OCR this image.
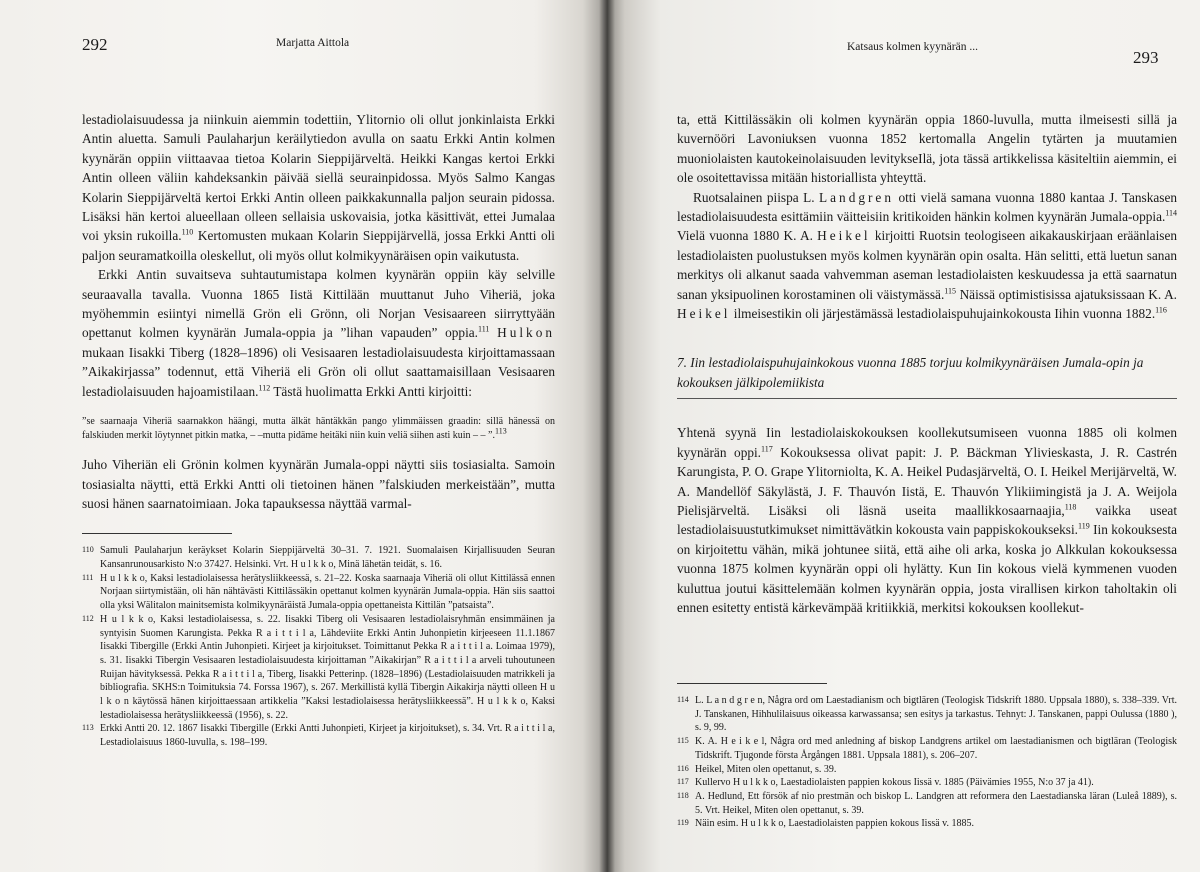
292	Marjatta Aittola

lestadiolaisuudessa ja niinkuin aiemmin todettiin, Ylitornio oli ollut jonkinlaista Erkki Antin aluetta. Samuli Paulaharjun keräilytiedon avulla on saatu Erkki Antin kolmen kyynärän oppiin viittaavaa tietoa Kolarin Sieppijärveltä. Heikki Kangas kertoi Erkki Antin olleen väliin kahdeksankin päivää siellä seurainpidossa. Myös Salmo Kangas Kolarin Sieppijärveltä kertoi Erkki Antin olleen paikkakunnalla paljon seurain pidossa. Lisäksi hän kertoi alueellaan olleen sellaisia uskovaisia, jotka käsittivät, ettei Jumalaa voi yksin rukoilla.$^{110}$ Kertomusten mukaan Kolarin Sieppijärvellä, jossa Erkki Antti oli paljon seuramatkoilla oleskellut, oli myös ollut kolmikyynäräisen opin vaikutusta.

Erkki Antin suvaitseva suhtautumistapa kolmen kyynärän oppiin käy selville seuraavalla tavalla. Vuonna 1865 Iistä Kittilään muuttanut Juho Viheriä, joka myöhemmin esiintyi nimellä Grön eli Grönn, oli Norjan Vesisaareen siirryttyään opettanut kolmen kyynärän Jumala-oppia ja ”lihan vapauden” oppia.$^{111}$ Hulkon mukaan Iisakki Tiberg (1828–1896) oli Vesisaaren lestadiolaisuudesta kirjoittamassaan ”Aikakirjassa” todennut, että Viheriä eli Grön oli ollut saattamaisillaan Vesisaaren lestadiolaisuuden hajoamistilaan.$^{112}$ Tästä huolimatta Erkki Antti kirjoitti:

”se saarnaaja Viheriä saarnakkon häängi, mutta älkät häntäkkän pango ylimmäissen graadin: sillä hänessä on falskiuden merkit löytynnet pitkin matka, – –mutta pidäme heitäki niin kuin veliä siihen asti kuin – – ”.$^{113}$

Juho Viheriän eli Grönin kolmen kyynärän Jumala-oppi näytti siis tosiasialta. Samoin tosiasialta näytti, että Erkki Antti oli tietoinen hänen ”falskiuden merkeistään”, mutta suosi hänen saarnatoimiaan. Joka tapauksessa näyttää varmal-

110 Samuli Paulaharjun keräykset Kolarin Sieppijärveltä 30–31. 7. 1921. Suomalaisen Kirjallisuuden Seuran Kansanrunousarkisto N:o 37427. Helsinki. Vrt. H u l k k o, Minä lähetän teidät, s. 16.
111 H u l k k o, Kaksi lestadiolaisessa herätysliikkeessä, s. 21–22. Koska saarnaaja Viheriä oli ollut Kittilässä ennen Norjaan siirtymistään, oli hän nähtävästi Kittilässäkin opettanut kolmen kyynärän Jumala-oppia. Hän siis saattoi olla yksi Wälitalon mainitsemista kolmikyynäräistä Jumala-oppia opettaneista Kittilän ”patsaista”.
112 H u l k k o, Kaksi lestadiolaisessa, s. 22. Iisakki Tiberg oli Vesisaaren lestadiolaisryhmän ensimmäinen ja syntyisin Suomen Karungista. Pekka R a i t t i l a, Lähdeviite Erkki Antin Juhonpietin kirjeeseen 11.1.1867 Iisakki Tibergille (Erkki Antin Juhonpieti. Kirjeet ja kirjoitukset. Toimittanut Pekka R a i t t i l a. Loimaa 1979), s. 31. Iisakki Tibergin Vesisaaren lestadiolaisuudesta kirjoittaman ”Aikakirjan” R a i t t i l a arveli tuhoutuneen Ruijan hävityksessä. Pekka R a i t t i l a, Tiberg, Iisakki Petterinp. (1828–1896) (Lestadiolaisuuden matrikkeli ja bibliografia. SKHS:n Toimituksia 74. Forssa 1967), s. 267. Merkillistä kyllä Tibergin Aikakirja näytti olleen H u l k o n käytössä hänen kirjoittaessaan artikkelia ”Kaksi lestadiolaisessa herätysliikkeessä”. H u l k k o, Kaksi lestadiolaisessa herätysliikkeessä (1956), s. 22.
113 Erkki Antti 20. 12. 1867 Iisakki Tibergille (Erkki Antti Juhonpieti, Kirjeet ja kirjoitukset), s. 34. Vrt. R a i t t i l a, Lestadiolaisuus 1860-luvulla, s. 198–199.
Katsaus kolmen kyynärän ...
293

ta, että Kittilässäkin oli kolmen kyynärän oppia 1860-luvulla, mutta ilmeisesti sillä ja kuvernööri Lavoniuksen vuonna 1852 kertomalla Angelin tytärten ja muutamien muoniolaisten kautokeinolaisuuden levitykseIlä, jota tässä artikkelissa käsiteltiin aiemmin, ei ole osoitettavissa mitään historiallista yhteyttä.

Ruotsalainen piispa L. Landgren otti vielä samana vuonna 1880 kantaa J. Tanskasen lestadiolaisuudesta esittämiin väitteisiin kritikoiden hänkin kolmen kyynärän Jumala-oppia.$^{114}$ Vielä vuonna 1880 K. A. Heikel kirjoitti Ruotsin teologiseen aikakauskirjaan eräänlaisen lestadiolaisten puolustuksen myös kolmen kyynärän opin osalta. Hän selitti, että luetun sanan merkitys oli alkanut saada vahvemman aseman lestadiolaisten keskuudessa ja että saarnatun sanan yksipuolinen korostaminen oli väistymässä.$^{115}$ Näissä optimistisissa ajatuksissaan K. A. Heikel ilmeisestikin oli järjestämässä lestadiolaispuhujainkokousta Iihin vuonna 1882.$^{116}$

7. Iin lestadiolaispuhujainkokous vuonna 1885 torjuu kolmikyynäräisen Jumala-opin ja kokouksen jälkipolemiikista

Yhtenä syynä Iin lestadiolaiskokouksen koollekutsumiseen vuonna 1885 oli kolmen kyynärän oppi.$^{117}$ Kokouksessa olivat papit: J. P. Bäckman Ylivieskasta, J. R. Castrén Karungista, P. O. Grape Ylitorniolta, K. A. Heikel Pudasjärveltä, O. I. Heikel Merijärveltä, W. A. Mandellöf Säkylästä, J. F. Thauvón Iistä, E. Thauvón Ylikiimingistä ja J. A. Weijola Pielisjärveltä. Lisäksi oli läsnä useita maallikkosaarnaajia,$^{118}$ vaikka useat lestadiolaisuustutkimukset nimittävätkin kokousta vain pappiskokoukseksi.$^{119}$ Iin kokouksesta on kirjoitettu vähän, mikä johtunee siitä, että aihe oli arka, koska jo Alkkulan kokouksessa vuonna 1875 kolmen kyynärän oppi oli hylätty. Kun Iin kokous vielä kymmenen vuoden kuluttua joutui käsittelemään kolmen kyynärän oppia, josta virallisen kirkon taholtakin oli ennen esitetty entistä kärkevämpää kritiikkiä, merkitsi kokouksen koollekut-

114 L. L a n d g r e n, Några ord om Laestadianism och bigtlären (Teologisk Tidskrift 1880. Uppsala 1880), s. 338–339. Vrt. J. Tanskanen, Hihhulilaisuus oikeassa karwassansa; sen esitys ja tarkastus. Tehnyt: J. Tanskanen, pappi Oulussa (1880 ), s. 9, 99.
115 K. A. H e i k e l, Några ord med anledning af biskop Landgrens artikel om laestadianismen och bigtläran (Teologisk Tidskrift. Tjugonde första Årgången 1881. Uppsala 1881), s. 206–207.
116 Heikel, Miten olen opettanut, s. 39.
117 Kullervo H u l k k o, Laestadiolaisten pappien kokous Iissä v. 1885 (Päivämies 1955, N:o 37 ja 41).
118 A. Hedlund, Ett försök af nio prestmän och biskop L. Landgren att reformera den Laestadianska läran (Luleå 1889), s. 5. Vrt. Heikel, Miten olen opettanut, s. 39.
119 Näin esim. H u l k k o, Laestadiolaisten pappien kokous Iissä v. 1885.
